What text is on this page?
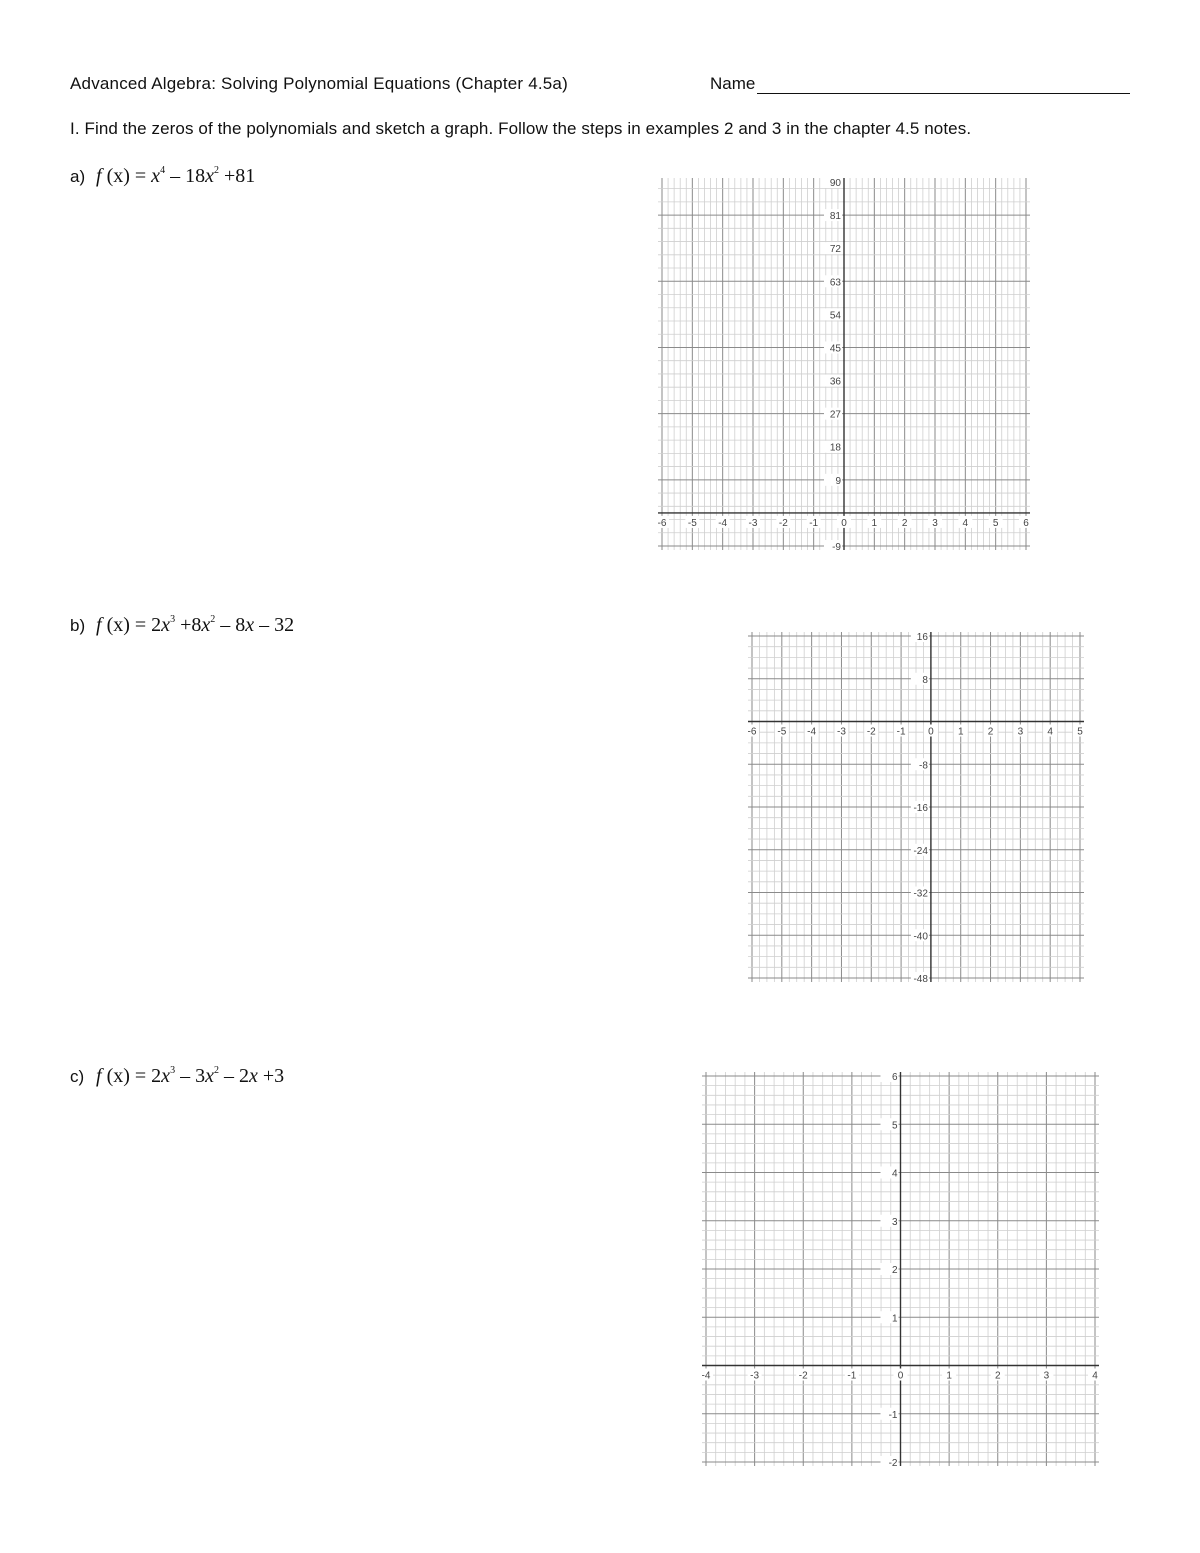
Advanced Algebra: Solving Polynomial Equations (Chapter 4.5a)	Name
I. Find the zeros of the polynomials and sketch a graph. Follow the steps in examples 2 and 3 in the chapter 4.5 notes.
a) f $(x) = x^4 - 18x^2 +81$
b) f $(x) = 2x^3 +8x^2 - 8x - 32$
c) f $(x) = 2x^3 - 3x^2 - 2x +3$
-6 -5 -4 -3 -2 -1 0 1 2 3 4 5 6
90
81
72
63
54
45
36
27
18
9
-9
-6 -5 -4 -3 -2 -1 0 1 2 3 4 5
16
8
-8
-16
-24
-32
-40
-48
-4	-3	-2	-1	0	1	2	3	4
6
5
4
3
2
1
-1
-2
